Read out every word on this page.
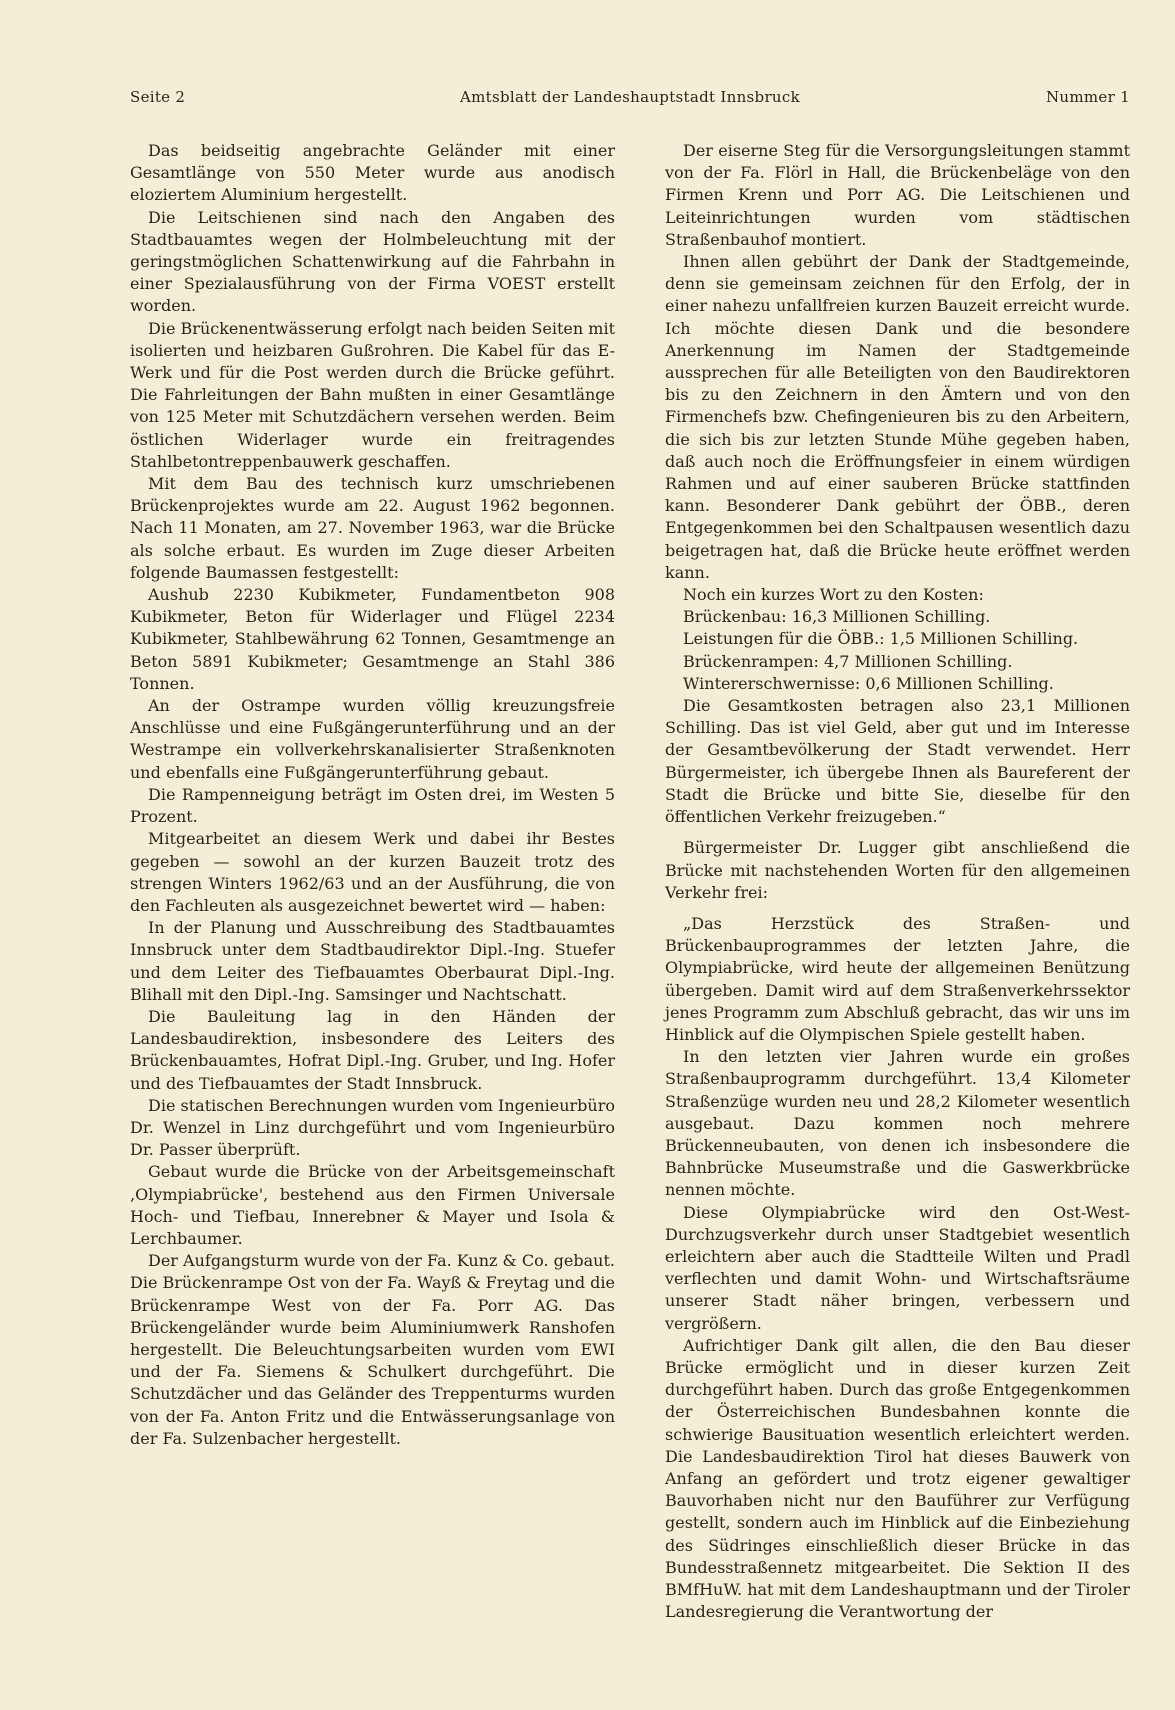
Seite 2	Amtsblatt der Landeshauptstadt Innsbruck	Nummer 1

Das beidseitig angebrachte Geländer mit einer Gesamtlänge von 550 Meter wurde aus anodisch eloziertem Aluminium hergestellt.

Die Leitschienen sind nach den Angaben des Stadtbauamtes wegen der Holmbeleuchtung mit der geringstmöglichen Schattenwirkung auf die Fahrbahn in einer Spezialausführung von der Firma VOEST erstellt worden.

Die Brückenentwässerung erfolgt nach beiden Seiten mit isolierten und heizbaren Gußrohren. Die Kabel für das E-Werk und für die Post werden durch die Brücke geführt. Die Fahrleitungen der Bahn mußten in einer Gesamtlänge von 125 Meter mit Schutzdächern versehen werden. Beim östlichen Widerlager wurde ein freitragendes Stahlbetontreppenbauwerk geschaffen.

Mit dem Bau des technisch kurz umschriebenen Brückenprojektes wurde am 22. August 1962 begonnen. Nach 11 Monaten, am 27. November 1963, war die Brücke als solche erbaut. Es wurden im Zuge dieser Arbeiten folgende Baumassen festgestellt:

Aushub 2230 Kubikmeter, Fundamentbeton 908 Kubikmeter, Beton für Widerlager und Flügel 2234 Kubikmeter, Stahlbewährung 62 Tonnen, Gesamtmenge an Beton 5891 Kubikmeter; Gesamtmenge an Stahl 386 Tonnen.

An der Ostrampe wurden völlig kreuzungsfreie Anschlüsse und eine Fußgängerunterführung und an der Westrampe ein vollverkehrskanalisierter Straßenknoten und ebenfalls eine Fußgängerunterführung gebaut.

Die Rampenneigung beträgt im Osten drei, im Westen 5 Prozent.

Mitgearbeitet an diesem Werk und dabei ihr Bestes gegeben — sowohl an der kurzen Bauzeit trotz des strengen Winters 1962/63 und an der Ausführung, die von den Fachleuten als ausgezeichnet bewertet wird — haben:

In der Planung und Ausschreibung des Stadtbauamtes Innsbruck unter dem Stadtbaudirektor Dipl.-Ing. Stuefer und dem Leiter des Tiefbauamtes Oberbaurat Dipl.-Ing. Blihall mit den Dipl.-Ing. Samsinger und Nachtschatt.

Die Bauleitung lag in den Händen der Landesbaudirektion, insbesondere des Leiters des Brückenbauamtes, Hofrat Dipl.-Ing. Gruber, und Ing. Hofer und des Tiefbauamtes der Stadt Innsbruck.

Die statischen Berechnungen wurden vom Ingenieurbüro Dr. Wenzel in Linz durchgeführt und vom Ingenieurbüro Dr. Passer überprüft.

Gebaut wurde die Brücke von der Arbeitsgemeinschaft ‚Olympiabrücke', bestehend aus den Firmen Universale Hoch- und Tiefbau, Innerebner & Mayer und Isola & Lerchbaumer.

Der Aufgangsturm wurde von der Fa. Kunz & Co. gebaut. Die Brückenrampe Ost von der Fa. Wayß & Freytag und die Brückenrampe West von der Fa. Porr AG. Das Brückengeländer wurde beim Aluminiumwerk Ranshofen hergestellt. Die Beleuchtungsarbeiten wurden vom EWI und der Fa. Siemens & Schulkert durchgeführt. Die Schutzdächer und das Geländer des Treppenturms wurden von der Fa. Anton Fritz und die Entwässerungsanlage von der Fa. Sulzenbacher hergestellt.

Der eiserne Steg für die Versorgungsleitungen stammt von der Fa. Flörl in Hall, die Brückenbeläge von den Firmen Krenn und Porr AG. Die Leitschienen und Leiteinrichtungen wurden vom städtischen Straßenbauhof montiert.

Ihnen allen gebührt der Dank der Stadtgemeinde, denn sie gemeinsam zeichnen für den Erfolg, der in einer nahezu unfallfreien kurzen Bauzeit erreicht wurde. Ich möchte diesen Dank und die besondere Anerkennung im Namen der Stadtgemeinde aussprechen für alle Beteiligten von den Baudirektoren bis zu den Zeichnern in den Ämtern und von den Firmenchefs bzw. Chefingenieuren bis zu den Arbeitern, die sich bis zur letzten Stunde Mühe gegeben haben, daß auch noch die Eröffnungsfeier in einem würdigen Rahmen und auf einer sauberen Brücke stattfinden kann. Besonderer Dank gebührt der ÖBB., deren Entgegenkommen bei den Schaltpausen wesentlich dazu beigetragen hat, daß die Brücke heute eröffnet werden kann.

Noch ein kurzes Wort zu den Kosten:

Brückenbau: 16,3 Millionen Schilling.

Leistungen für die ÖBB.: 1,5 Millionen Schilling.

Brückenrampen: 4,7 Millionen Schilling.

Wintererschwernisse: 0,6 Millionen Schilling.

Die Gesamtkosten betragen also 23,1 Millionen Schilling. Das ist viel Geld, aber gut und im Interesse der Gesamtbevölkerung der Stadt verwendet. Herr Bürgermeister, ich übergebe Ihnen als Baureferent der Stadt die Brücke und bitte Sie, dieselbe für den öffentlichen Verkehr freizugeben.“

Bürgermeister Dr. Lugger gibt anschließend die Brücke mit nachstehenden Worten für den allgemeinen Verkehr frei:

„Das Herzstück des Straßen- und Brückenbauprogrammes der letzten Jahre, die Olympiabrücke, wird heute der allgemeinen Benützung übergeben. Damit wird auf dem Straßenverkehrssektor jenes Programm zum Abschluß gebracht, das wir uns im Hinblick auf die Olympischen Spiele gestellt haben.

In den letzten vier Jahren wurde ein großes Straßenbauprogramm durchgeführt. 13,4 Kilometer Straßenzüge wurden neu und 28,2 Kilometer wesentlich ausgebaut. Dazu kommen noch mehrere Brückenneubauten, von denen ich insbesondere die Bahnbrücke Museumstraße und die Gaswerkbrücke nennen möchte.

Diese Olympiabrücke wird den Ost-West-Durchzugsverkehr durch unser Stadtgebiet wesentlich erleichtern aber auch die Stadtteile Wilten und Pradl verflechten und damit Wohn- und Wirtschaftsräume unserer Stadt näher bringen, verbessern und vergrößern.

Aufrichtiger Dank gilt allen, die den Bau dieser Brücke ermöglicht und in dieser kurzen Zeit durchgeführt haben. Durch das große Entgegenkommen der Österreichischen Bundesbahnen konnte die schwierige Bausituation wesentlich erleichtert werden. Die Landesbaudirektion Tirol hat dieses Bauwerk von Anfang an gefördert und trotz eigener gewaltiger Bauvorhaben nicht nur den Bauführer zur Verfügung gestellt, sondern auch im Hinblick auf die Einbeziehung des Südringes einschließlich dieser Brücke in das Bundesstraßennetz mitgearbeitet. Die Sektion II des BMfHuW. hat mit dem Landeshauptmann und der Tiroler Landesregierung die Verantwortung der
